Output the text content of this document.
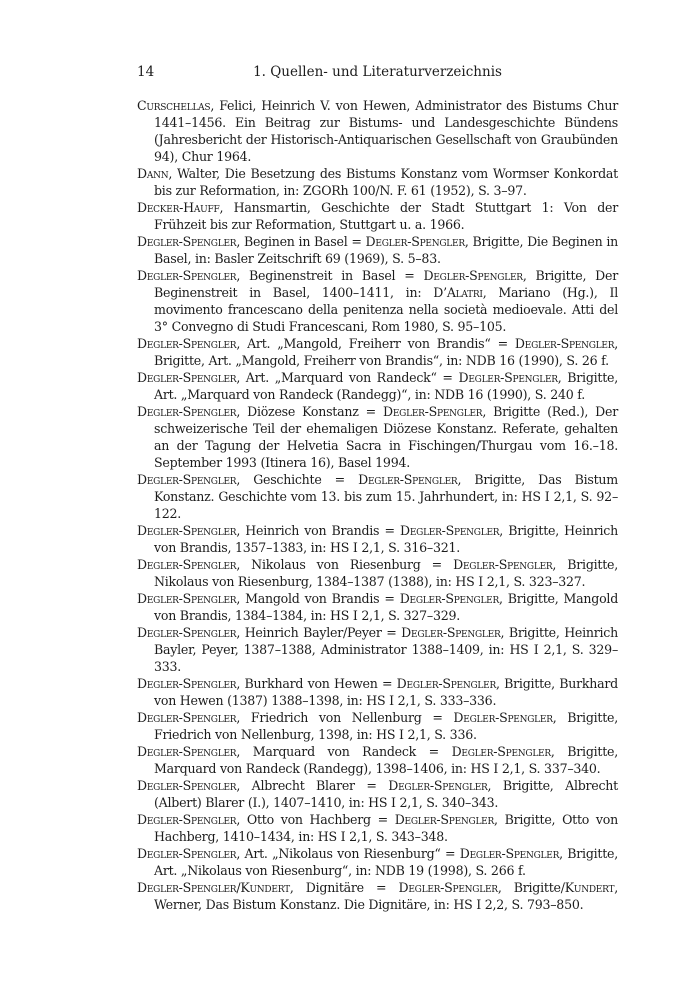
14	1. Quellen- und Literaturverzeichnis

Curschellas, Felici, Heinrich V. von Hewen, Administrator des Bistums Chur 1441–1456. Ein Beitrag zur Bistums- und Landesgeschichte Bündens (Jahresbericht der Historisch-Antiquarischen Gesellschaft von Graubünden 94), Chur 1964.

Dann, Walter, Die Besetzung des Bistums Konstanz vom Wormser Konkordat bis zur Reformation, in: ZGORh 100/N. F. 61 (1952), S. 3–97.

Decker-Hauff, Hansmartin, Geschichte der Stadt Stuttgart 1: Von der Frühzeit bis zur Reformation, Stuttgart u. a. 1966.

Degler-Spengler, Beginen in Basel = Degler-Spengler, Brigitte, Die Beginen in Basel, in: Basler Zeitschrift 69 (1969), S. 5–83.

Degler-Spengler, Beginenstreit in Basel = Degler-Spengler, Brigitte, Der Beginenstreit in Basel, 1400–1411, in: D’Alatri, Mariano (Hg.), Il movimento francescano della penitenza nella società medioevale. Atti del 3° Convegno di Studi Francescani, Rom 1980, S. 95–105.

Degler-Spengler, Art. „Mangold, Freiherr von Brandis“ = Degler-Spengler, Brigitte, Art. „Mangold, Freiherr von Brandis“, in: NDB 16 (1990), S. 26 f.

Degler-Spengler, Art. „Marquard von Randeck“ = Degler-Spengler, Brigitte, Art. „Marquard von Randeck (Randegg)“, in: NDB 16 (1990), S. 240 f.

Degler-Spengler, Diözese Konstanz = Degler-Spengler, Brigitte (Red.), Der schweizerische Teil der ehemaligen Diözese Konstanz. Referate, gehalten an der Tagung der Helvetia Sacra in Fischingen/Thurgau vom 16.–18. September 1993 (Itinera 16), Basel 1994.

Degler-Spengler, Geschichte = Degler-Spengler, Brigitte, Das Bistum Konstanz. Geschichte vom 13. bis zum 15. Jahrhundert, in: HS I 2,1, S. 92–122.

Degler-Spengler, Heinrich von Brandis = Degler-Spengler, Brigitte, Heinrich von Brandis, 1357–1383, in: HS I 2,1, S. 316–321.

Degler-Spengler, Nikolaus von Riesenburg = Degler-Spengler, Brigitte, Nikolaus von Riesenburg, 1384–1387 (1388), in: HS I 2,1, S. 323–327.

Degler-Spengler, Mangold von Brandis = Degler-Spengler, Brigitte, Mangold von Brandis, 1384–1384, in: HS I 2,1, S. 327–329.

Degler-Spengler, Heinrich Bayler/Peyer = Degler-Spengler, Brigitte, Heinrich Bayler, Peyer, 1387–1388, Administrator 1388–1409, in: HS I 2,1, S. 329–333.

Degler-Spengler, Burkhard von Hewen = Degler-Spengler, Brigitte, Burkhard von Hewen (1387) 1388–1398, in: HS I 2,1, S. 333–336.

Degler-Spengler, Friedrich von Nellenburg = Degler-Spengler, Brigitte, Friedrich von Nellenburg, 1398, in: HS I 2,1, S. 336.

Degler-Spengler, Marquard von Randeck = Degler-Spengler, Brigitte, Marquard von Randeck (Randegg), 1398–1406, in: HS I 2,1, S. 337–340.

Degler-Spengler, Albrecht Blarer = Degler-Spengler, Brigitte, Albrecht (Albert) Blarer (I.), 1407–1410, in: HS I 2,1, S. 340–343.

Degler-Spengler, Otto von Hachberg = Degler-Spengler, Brigitte, Otto von Hachberg, 1410–1434, in: HS I 2,1, S. 343–348.

Degler-Spengler, Art. „Nikolaus von Riesenburg“ = Degler-Spengler, Brigitte, Art. „Nikolaus von Riesenburg“, in: NDB 19 (1998), S. 266 f.

Degler-Spengler/Kundert, Dignitäre = Degler-Spengler, Brigitte/Kundert, Werner, Das Bistum Konstanz. Die Dignitäre, in: HS I 2,2, S. 793–850.
